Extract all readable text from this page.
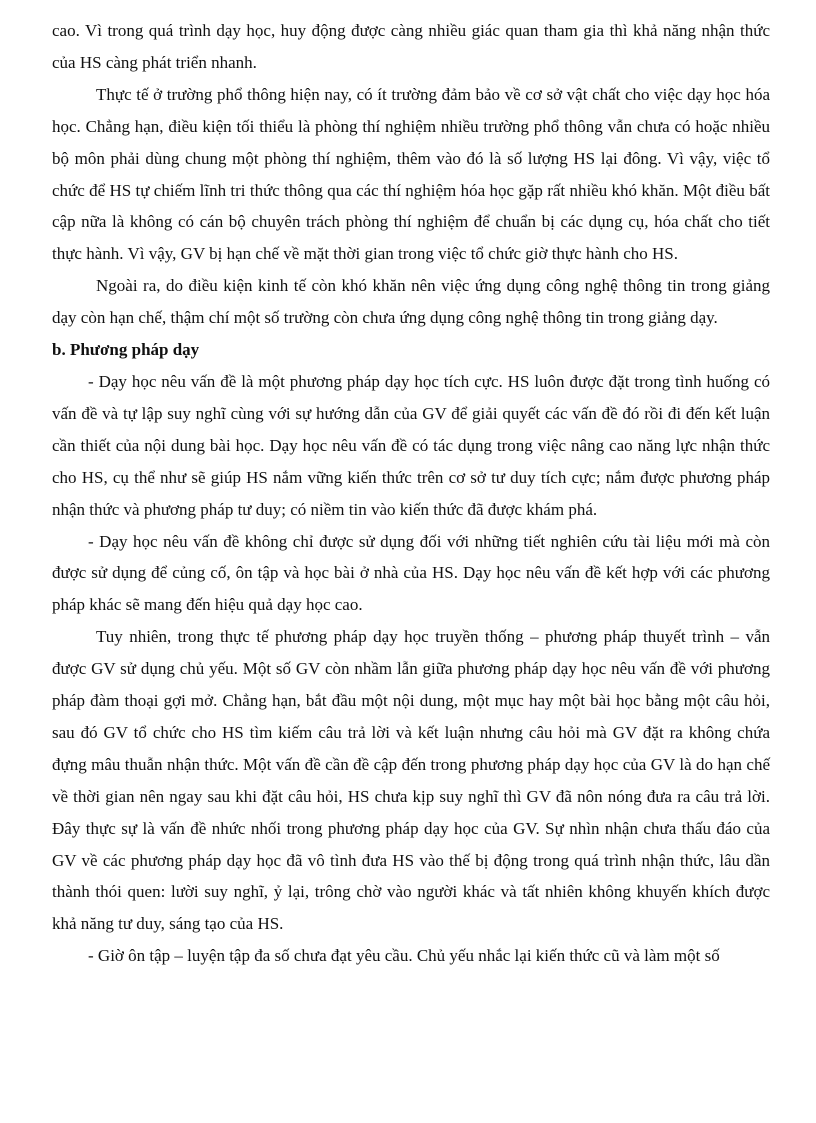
cao. Vì trong quá trình dạy học, huy động được càng nhiều giác quan tham gia thì khả năng nhận thức của HS càng phát triển nhanh.

Thực tế ở trường phổ thông hiện nay, có ít trường đảm bảo về cơ sở vật chất cho việc dạy học hóa học. Chẳng hạn, điều kiện tối thiểu là phòng thí nghiệm nhiều trường phổ thông vẫn chưa có hoặc nhiều bộ môn phải dùng chung một phòng thí nghiệm, thêm vào đó là số lượng HS lại đông. Vì vậy, việc tổ chức để HS tự chiếm lĩnh tri thức thông qua các thí nghiệm hóa học gặp rất nhiều khó khăn. Một điều bất cập nữa là không có cán bộ chuyên trách phòng thí nghiệm để chuẩn bị các dụng cụ, hóa chất cho tiết thực hành. Vì vậy, GV bị hạn chế về mặt thời gian trong việc tổ chức giờ thực hành cho HS.

Ngoài ra, do điều kiện kinh tế còn khó khăn nên việc ứng dụng công nghệ thông tin trong giảng dạy còn hạn chế, thậm chí một số trường còn chưa ứng dụng công nghệ thông tin trong giảng dạy.

b. Phương pháp dạy

- Dạy học nêu vấn đề là một phương pháp dạy học tích cực. HS luôn được đặt trong tình huống có vấn đề và tự lập suy nghĩ cùng với sự hướng dẫn của GV để giải quyết các vấn đề đó rồi đi đến kết luận cần thiết của nội dung bài học. Dạy học nêu vấn đề có tác dụng trong việc nâng cao năng lực nhận thức cho HS, cụ thể như sẽ giúp HS nắm vững kiến thức trên cơ sở tư duy tích cực; nắm được phương pháp nhận thức và phương pháp tư duy; có niềm tin vào kiến thức đã được khám phá.

- Dạy học nêu vấn đề không chỉ được sử dụng đối với những tiết nghiên cứu tài liệu mới mà còn được sử dụng để củng cố, ôn tập và học bài ở nhà của HS. Dạy học nêu vấn đề kết hợp với các phương pháp khác sẽ mang đến hiệu quả dạy học cao.

Tuy nhiên, trong thực tế phương pháp dạy học truyền thống – phương pháp thuyết trình – vẫn được GV sử dụng chủ yếu. Một số GV còn nhầm lẫn giữa phương pháp dạy học nêu vấn đề với phương pháp đàm thoại gợi mở. Chẳng hạn, bắt đầu một nội dung, một mục hay một bài học bằng một câu hỏi, sau đó GV tổ chức cho HS tìm kiếm câu trả lời và kết luận nhưng câu hỏi mà GV đặt ra không chứa đựng mâu thuẫn nhận thức. Một vấn đề cần đề cập đến trong phương pháp dạy học của GV là do hạn chế về thời gian nên ngay sau khi đặt câu hỏi, HS chưa kịp suy nghĩ thì GV đã nôn nóng đưa ra câu trả lời. Đây thực sự là vấn đề nhức nhối trong phương pháp dạy học của GV. Sự nhìn nhận chưa thấu đáo của GV về các phương pháp dạy học đã vô tình đưa HS vào thế bị động trong quá trình nhận thức, lâu dần thành thói quen: lười suy nghĩ, ỷ lại, trông chờ vào người khác và tất nhiên không khuyến khích được khả năng tư duy, sáng tạo của HS.

- Giờ ôn tập – luyện tập đa số chưa đạt yêu cầu. Chủ yếu nhắc lại kiến thức cũ và làm một số
